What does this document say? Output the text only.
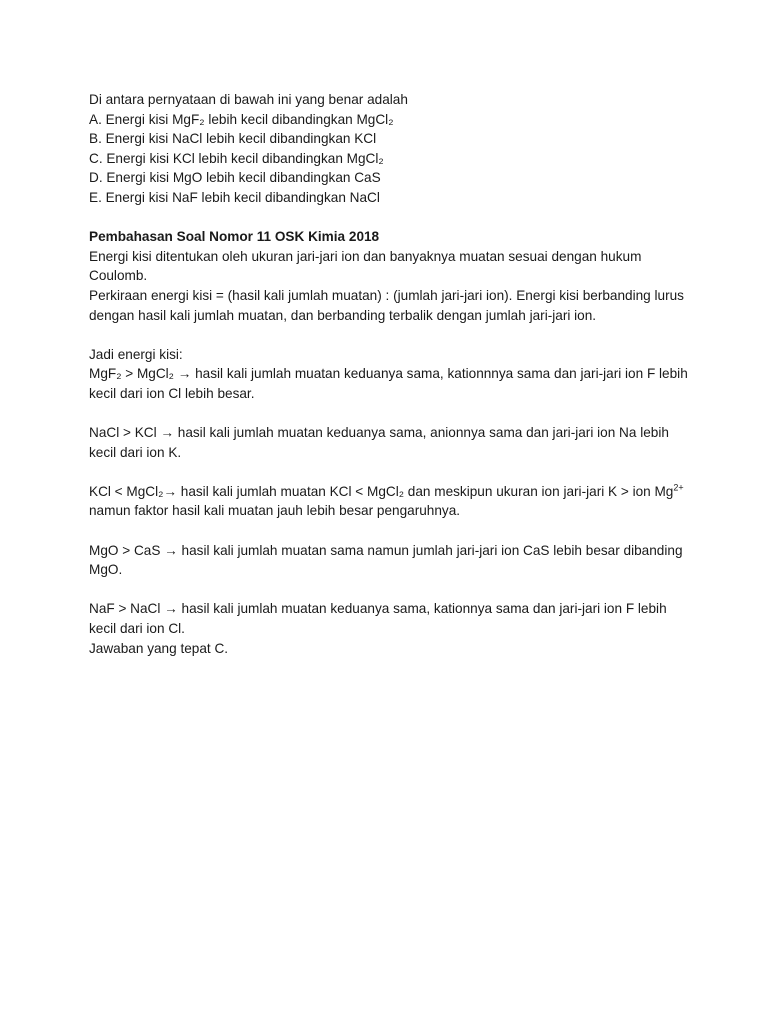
Di antara pernyataan di bawah ini yang benar adalah
A. Energi kisi MgF₂ lebih kecil dibandingkan MgCl₂
B. Energi kisi NaCl lebih kecil dibandingkan KCl
C. Energi kisi KCl lebih kecil dibandingkan MgCl₂
D. Energi kisi MgO lebih kecil dibandingkan CaS
E. Energi kisi NaF lebih kecil dibandingkan NaCl
Pembahasan Soal Nomor 11 OSK Kimia 2018
Energi kisi ditentukan oleh ukuran jari-jari ion dan banyaknya muatan sesuai dengan hukum Coulomb.
Perkiraan energi kisi = (hasil kali jumlah muatan) : (jumlah jari-jari ion). Energi kisi berbanding lurus dengan hasil kali jumlah muatan, dan berbanding terbalik dengan jumlah jari-jari ion.
Jadi energi kisi:
MgF₂ > MgCl₂ → hasil kali jumlah muatan keduanya sama, kationnnya sama dan jari-jari ion F lebih kecil dari ion Cl lebih besar.
NaCl > KCl → hasil kali jumlah muatan keduanya sama, anionnya sama dan jari-jari ion Na lebih kecil dari ion K.
KCl < MgCl₂→ hasil kali jumlah muatan KCl < MgCl₂ dan meskipun ukuran ion jari-jari K > ion $Mg^{2+}$ namun faktor hasil kali muatan jauh lebih besar pengaruhnya.
MgO > CaS → hasil kali jumlah muatan sama namun jumlah jari-jari ion CaS lebih besar dibanding MgO.
NaF > NaCl → hasil kali jumlah muatan keduanya sama, kationnya sama dan jari-jari ion F lebih kecil dari ion Cl.
Jawaban yang tepat C.
